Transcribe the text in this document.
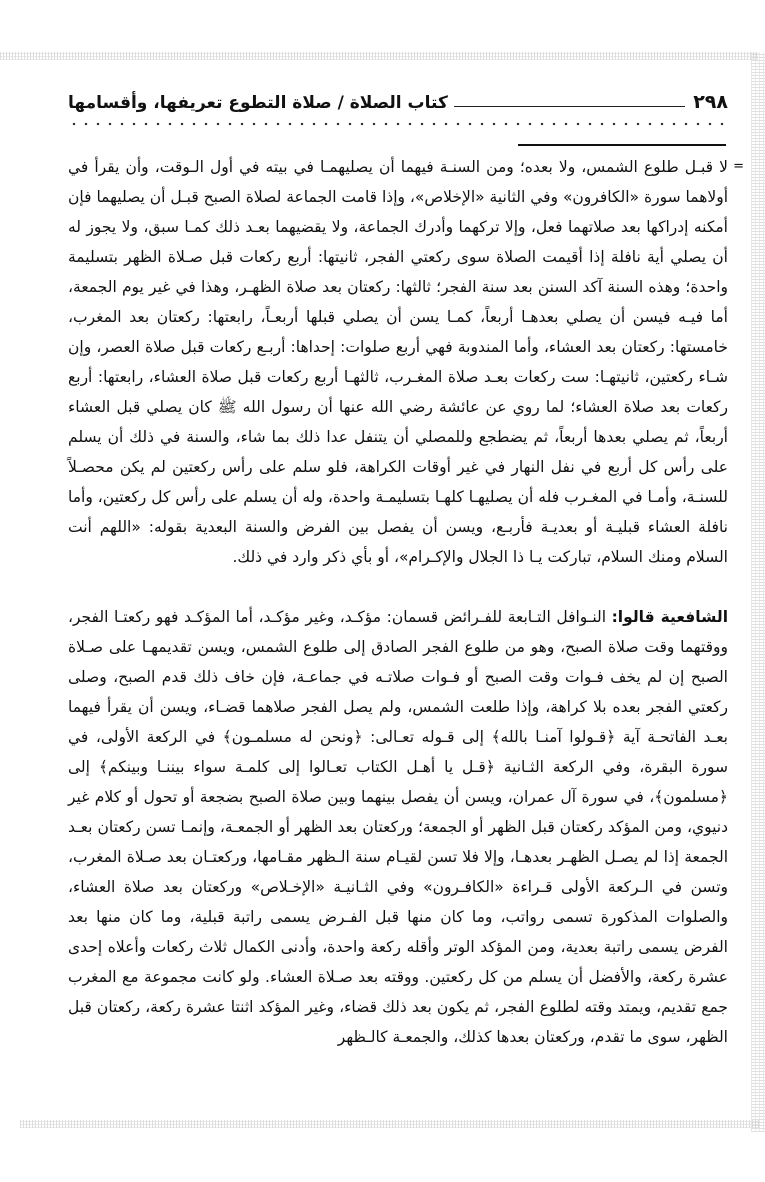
٢٩٨
كتاب الصلاة / صلاة التطوع تعريفها، وأقسامها

=
لا قبـل طلوع الشمس، ولا بعده؛ ومن السنـة فيهما أن يصليهمـا في بيته في أول الـوقت، وأن يقرأ في أولاهما سورة «الكافرون» وفي الثانية «الإخلاص»، وإذا قامت الجماعة لصلاة الصبح قبـل أن يصليهما فإن أمكنه إدراكها بعد صلاتهما فعل، وإلا تركهما وأدرك الجماعة، ولا يقضيهما بعـد ذلك كمـا سبق، ولا يجوز له أن يصلي أية نافلة إذا أقيمت الصلاة سوى ركعتي الفجر، ثانيتها: أربع ركعات قبل صـلاة الظهر بتسليمة واحدة؛ وهذه السنة آكد السنن بعد سنة الفجر؛ ثالثها: ركعتان بعد صلاة الظهـر، وهذا في غير يوم الجمعة، أما فيـه فيسن أن يصلي بعدهـا أربعاً، كمـا يسن أن يصلي قبلها أربعـاً، رابعتها: ركعتان بعد المغرب، خامستها: ركعتان بعد العشاء، وأما المندوبة فهي أربع صلوات: إحداها: أربـع ركعات قبل صلاة العصر، وإن شـاء ركعتين، ثانيتهـا: ست ركعات بعـد صلاة المغـرب، ثالثهـا أربع ركعات قبل صلاة العشاء، رابعتها: أربع ركعات بعد صلاة العشاء؛ لما روي عن عائشة رضي الله عنها أن رسول الله ﷺ كان يصلي قبل العشاء أربعاً، ثم يصلي بعدها أربعاً، ثم يضطجع وللمصلي أن يتنفل عدا ذلك بما شاء، والسنة في ذلك أن يسلم على رأس كل أربع في نفل النهار في غير أوقات الكراهة، فلو سلم على رأس ركعتين لم يكن محصـلاً للسنـة، وأمـا في المغـرب فله أن يصليهـا كلهـا بتسليمـة واحدة، وله أن يسلم على رأس كل ركعتين، وأما نافلة العشاء قبليـة أو بعديـة فأربـع، ويسن أن يفصل بين الفرض والسنة البعدية بقوله: «اللهم أنت السلام ومنك السلام، تباركت يـا ذا الجلال والإكـرام»، أو بأي ذكر وارد في ذلك.

الشافعية قالوا: النـوافل التـابعة للفـرائض قسمان: مؤكـد، وغير مؤكـد، أما المؤكـد فهو ركعتـا الفجر، ووقتهما وقت صلاة الصبح، وهو من طلوع الفجر الصادق إلى طلوع الشمس، ويسن تقديمهـا على صـلاة الصبح إن لم يخف فـوات وقت الصبح أو فـوات صلاتـه في جماعـة، فإن خاف ذلك قدم الصبح، وصلى ركعتي الفجر بعده بلا كراهة، وإذا طلعت الشمس، ولم يصل الفجر صلاهما قضـاء، ويسن أن يقرأ فيهما بعـد الفاتحـة آية ﴿قـولوا آمنـا بالله﴾ إلى قـوله تعـالى: ﴿ونحن له مسلمـون﴾ في الركعة الأولى، في سورة البقرة، وفي الركعة الثـانية ﴿قـل يا أهـل الكتاب تعـالوا إلى كلمـة سواء بيننـا وبينكم﴾ إلى ﴿مسلمون﴾، في سورة آل عمران، ويسن أن يفصل بينهما وبين صلاة الصبح بضجعة أو تحول أو كلام غير دنيوي، ومن المؤكد ركعتان قبل الظهر أو الجمعة؛ وركعتان بعد الظهر أو الجمعـة، وإنمـا تسن ركعتان بعـد الجمعة إذا لم يصـل الظهـر بعدهـا، وإلا فلا تسن لقيـام سنة الـظهر مقـامها، وركعتـان بعد صـلاة المغرب، وتسن في الـركعة الأولى قـراءة «الكافـرون» وفي الثـانيـة «الإخـلاص» وركعتان بعد صلاة العشاء، والصلوات المذكورة تسمى رواتب، وما كان منها قبل الفـرض يسمى راتبة قبلية، وما كان منها بعد الفرض يسمى راتبة بعدية، ومن المؤكد الوتر وأقله ركعة واحدة، وأدنى الكمال ثلاث ركعات وأعلاه إحدى عشرة ركعة، والأفضل أن يسلم من كل ركعتين. ووقته بعد صـلاة العشاء. ولو كانت مجموعة مع المغرب جمع تقديم، ويمتد وقته لطلوع الفجر، ثم يكون بعد ذلك قضاء، وغير المؤكد اثنتا عشرة ركعة، ركعتان قبل الظهر، سوى ما تقدم، وركعتان بعدها كذلك، والجمعـة كالـظهر
